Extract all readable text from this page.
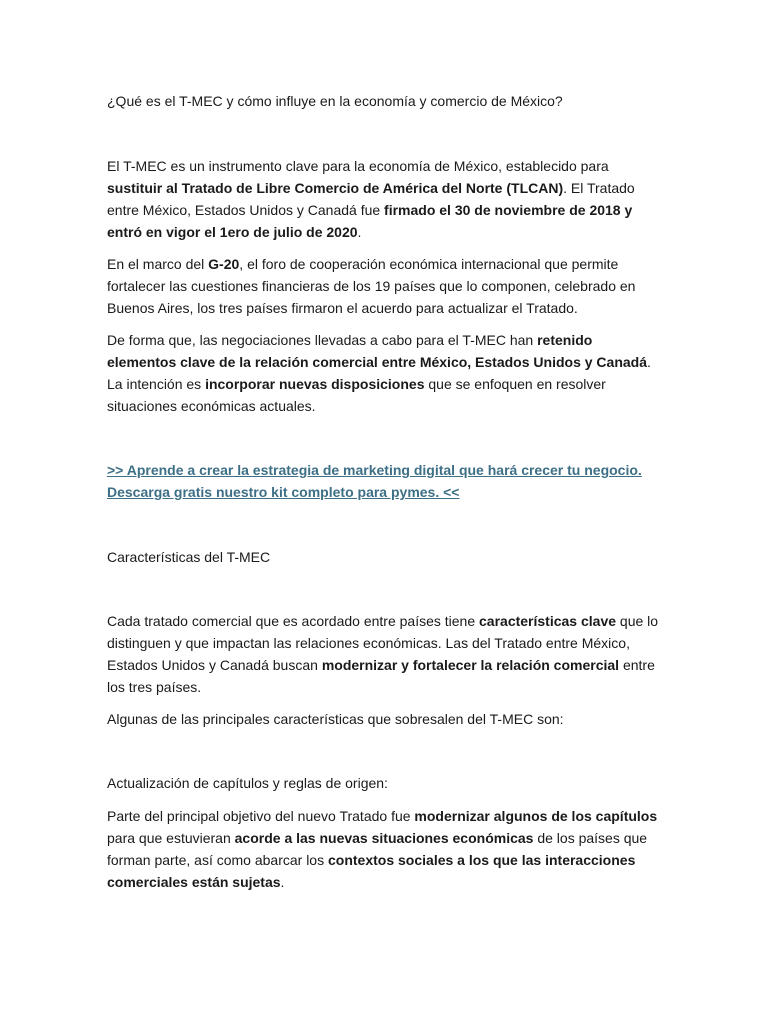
¿Qué es el T-MEC y cómo influye en la economía y comercio de México?

El T-MEC es un instrumento clave para la economía de México, establecido para sustituir al Tratado de Libre Comercio de América del Norte (TLCAN). El Tratado entre México, Estados Unidos y Canadá fue firmado el 30 de noviembre de 2018 y entró en vigor el 1ero de julio de 2020.

En el marco del G-20, el foro de cooperación económica internacional que permite fortalecer las cuestiones financieras de los 19 países que lo componen, celebrado en Buenos Aires, los tres países firmaron el acuerdo para actualizar el Tratado.

De forma que, las negociaciones llevadas a cabo para el T-MEC han retenido elementos clave de la relación comercial entre México, Estados Unidos y Canadá. La intención es incorporar nuevas disposiciones que se enfoquen en resolver situaciones económicas actuales.

>> Aprende a crear la estrategia de marketing digital que hará crecer tu negocio. Descarga gratis nuestro kit completo para pymes. <<

Características del T-MEC

Cada tratado comercial que es acordado entre países tiene características clave que lo distinguen y que impactan las relaciones económicas. Las del Tratado entre México, Estados Unidos y Canadá buscan modernizar y fortalecer la relación comercial entre los tres países.

Algunas de las principales características que sobresalen del T-MEC son:

Actualización de capítulos y reglas de origen:

Parte del principal objetivo del nuevo Tratado fue modernizar algunos de los capítulos para que estuvieran acorde a las nuevas situaciones económicas de los países que forman parte, así como abarcar los contextos sociales a los que las interacciones comerciales están sujetas.
